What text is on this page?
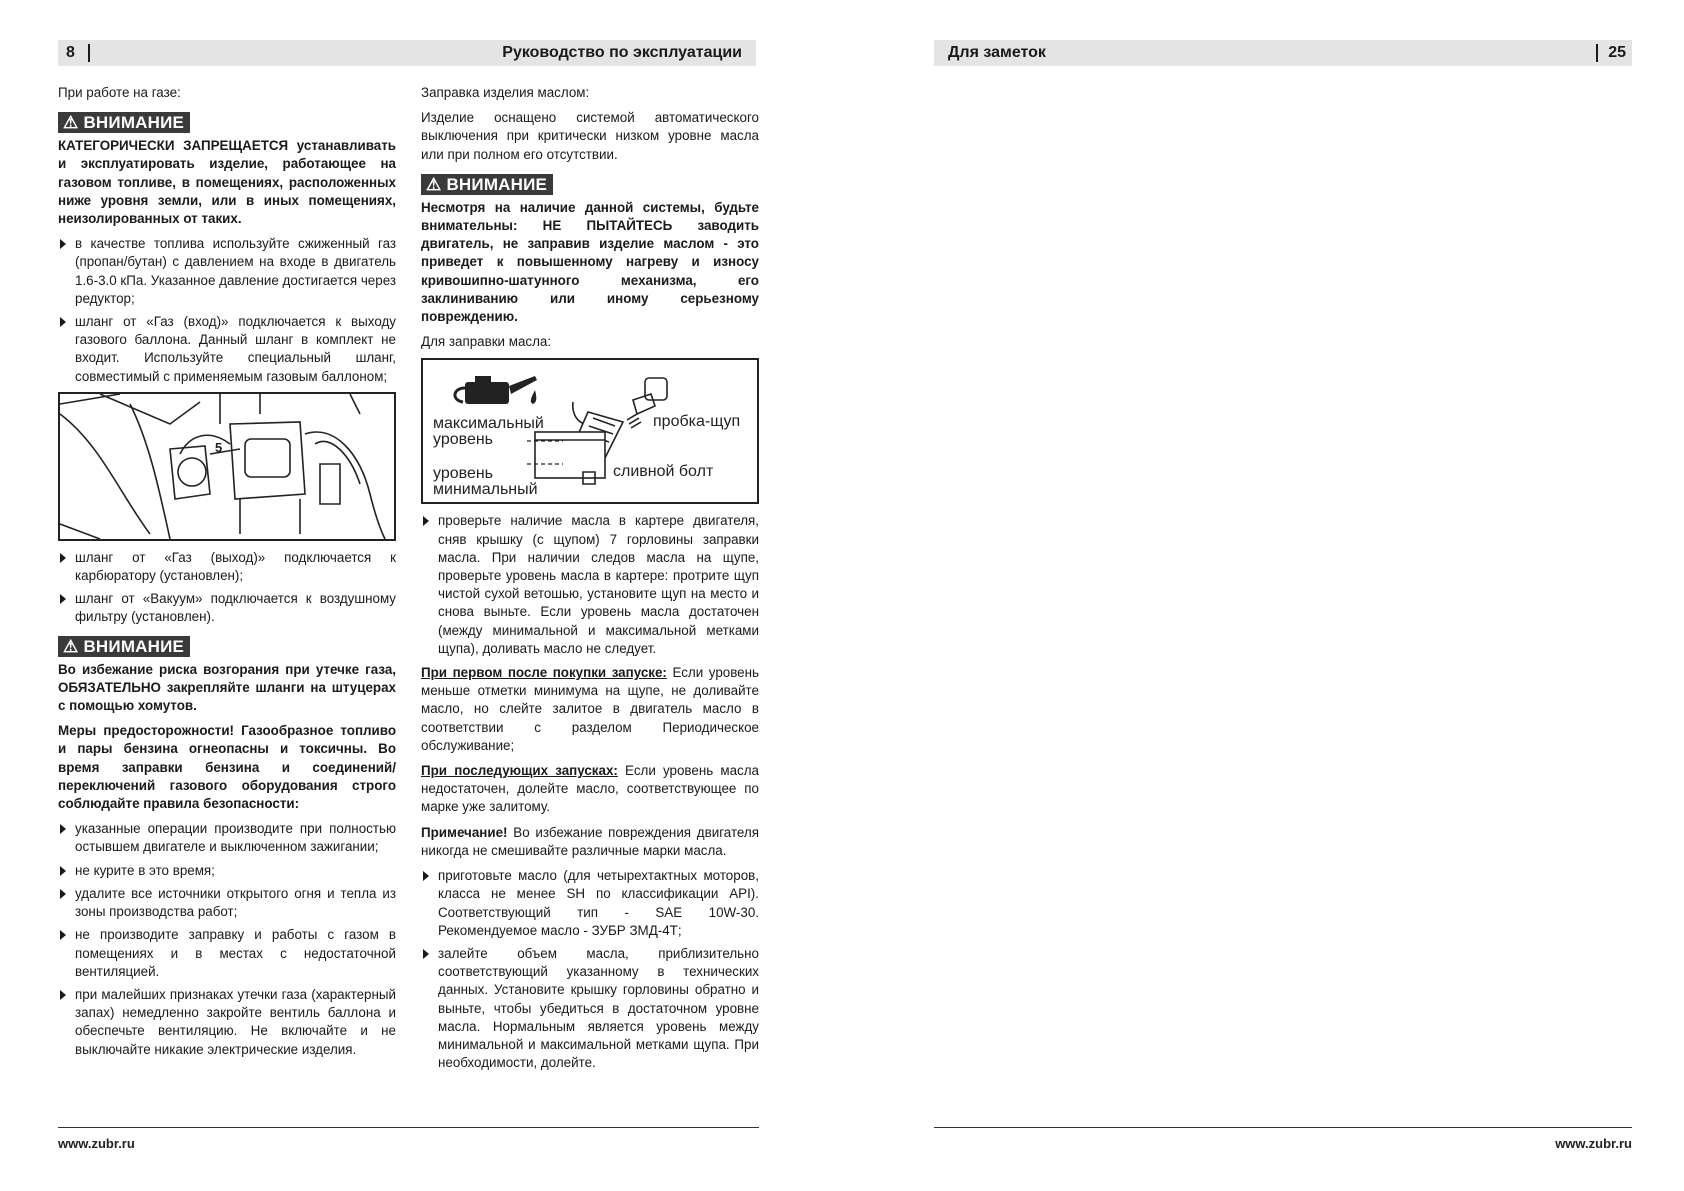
8	Руководство по эксплуатации	Для заметок	25

При работе на газе:

⚠ ВНИМАНИЕ

КАТЕГОРИЧЕСКИ ЗАПРЕЩАЕТСЯ устанавливать и эксплуатировать изделие, работающее на газовом топливе, в помещениях, расположенных ниже уровня земли, или в иных помещениях, неизолированных от таких.

в качестве топлива используйте сжиженный газ (пропан/бутан) с давлением на входе в двигатель 1.6-3.0 кПа. Указанное давление достигается через редуктор;
шланг от «Газ (вход)» подключается к выходу газового баллона. Данный шланг в комплект не входит. Используйте специальный шланг, совместимый с применяемым газовым баллоном;
5
шланг от «Газ (выход)» подключается к карбюратору (установлен);
шланг от «Вакуум» подключается к воздушному фильтру (установлен).
⚠ ВНИМАНИЕ

Во избежание риска возгорания при утечке газа, ОБЯЗАТЕЛЬНО закрепляйте шланги на штуцерах с помощью хомутов.

Меры предосторожности! Газообразное топливо и пары бензина огнеопасны и токсичны. Во время заправки бензина и соединений/переключений газового оборудования строго соблюдайте правила безопасности:

указанные операции производите при полностью остывшем двигателе и выключенном зажигании;
не курите в это время;
удалите все источники открытого огня и тепла из зоны производства работ;
не производите заправку и работы с газом в помещениях и в местах с недостаточной вентиляцией.
при малейших признаках утечки газа (характерный запах) немедленно закройте вентиль баллона и обеспечьте вентиляцию. Не включайте и не выключайте никакие электрические изделия.

Заправка изделия маслом:

Изделие оснащено системой автоматического выключения при критически низком уровне масла или при полном его отсутствии.

⚠ ВНИМАНИЕ

Несмотря на наличие данной системы, будьте внимательны: НЕ ПЫТАЙТЕСЬ заводить двигатель, не заправив изделие маслом - это приведет к повышенному нагреву и износу кривошипно-шатунного механизма, его заклиниванию или иному серьезному повреждению.

Для заправки масла:

максимальный
уровень
уровень
минимальный
пробка-щуп
сливной болт
проверьте наличие масла в картере двигателя, сняв крышку (с щупом) 7 горловины заправки масла. При наличии следов масла на щупе, проверьте уровень масла в картере: протрите щуп чистой сухой ветошью, установите щуп на место и снова выньте. Если уровень масла достаточен (между минимальной и максимальной метками щупа), доливать масло не следует.

При первом после покупки запуске: Если уровень меньше отметки минимума на щупе, не доливайте масло, но слейте залитое в двигатель масло в соответствии с разделом Периодическое обслуживание;

При последующих запусках: Если уровень масла недостаточен, долейте масло, соответствующее по марке уже залитому.

Примечание! Во избежание повреждения двигателя никогда не смешивайте различные марки масла.

приготовьте масло (для четырехтактных моторов, класса не менее SH по классификации API). Соответствующий тип - SAE 10W-30. Рекомендуемое масло - ЗУБР ЗМД-4Т;
залейте объем масла, приблизительно соответствующий указанному в технических данных. Установите крышку горловины обратно и выньте, чтобы убедиться в достаточном уровне масла. Нормальным является уровень между минимальной и максимальной метками щупа. При необходимости, долейте.
www.zubr.ru	www.zubr.ru
